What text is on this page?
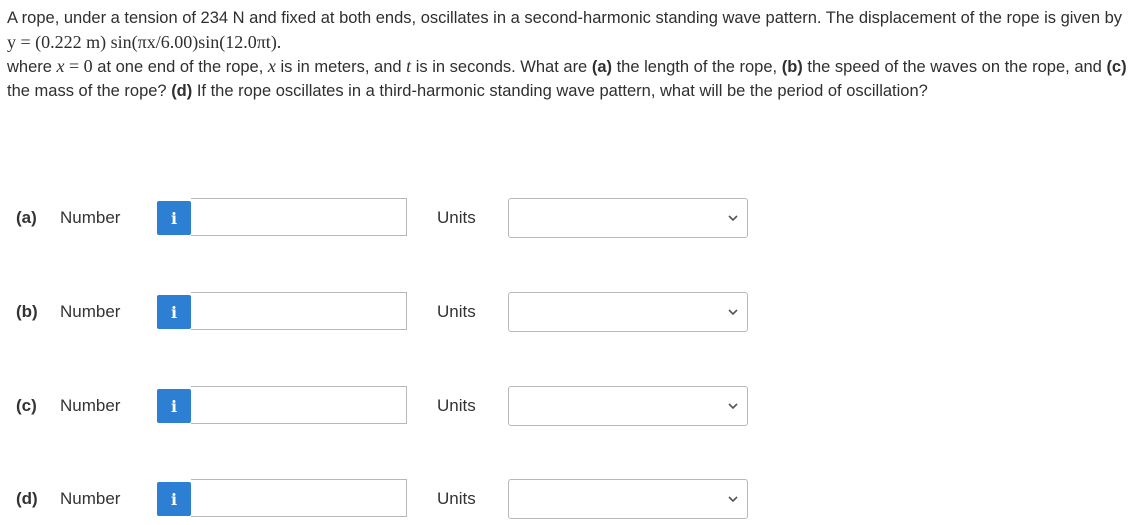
A rope, under a tension of 234 N and fixed at both ends, oscillates in a second-harmonic standing wave pattern. The displacement of the rope is given by

y = (0.222 m) sin(πx/6.00)sin(12.0πt).

where x = 0 at one end of the rope, x is in meters, and t is in seconds. What are (a) the length of the rope, (b) the speed of the waves on the rope, and (c) the mass of the rope? (d) If the rope oscillates in a third-harmonic standing wave pattern, what will be the period of oscillation?

(a) Number	i	Units
(b) Number	i	Units
(c) Number	i	Units
(d) Number	i	Units
